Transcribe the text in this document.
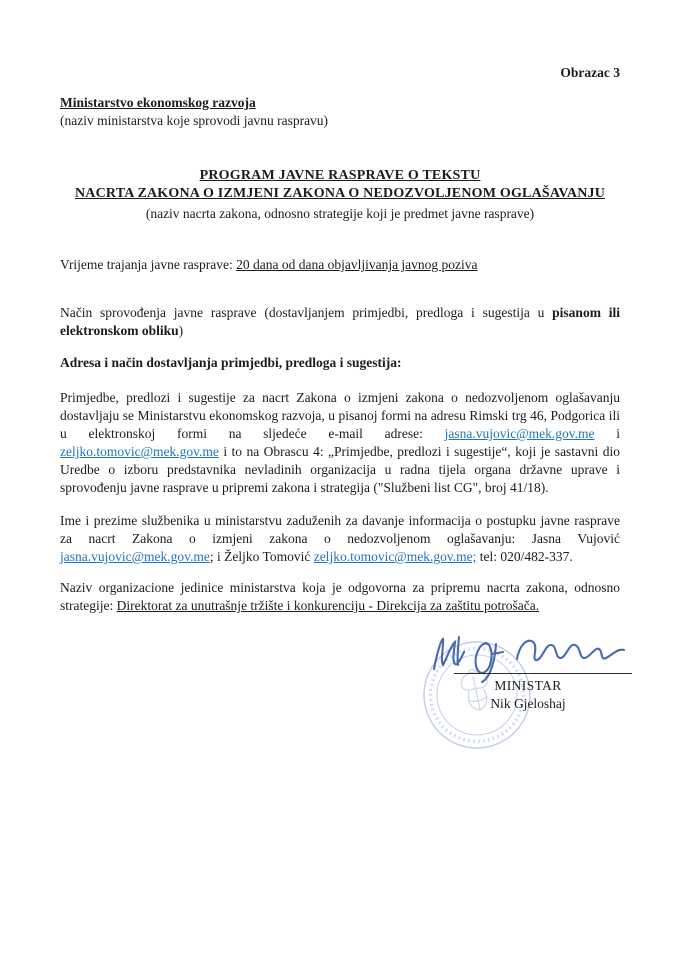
Obrazac 3
Ministarstvo ekonomskog razvoja
(naziv ministarstva koje sprovodi javnu raspravu)
PROGRAM JAVNE RASPRAVE O TEKSTU
NACRTA ZAKONA O IZMJENI ZAKONA O NEDOZVOLJENOM OGLAŠAVANJU
(naziv nacrta zakona, odnosno strategije koji je predmet javne rasprave)

Vrijeme trajanja javne rasprave: 20 dana od dana objavljivanja javnog poziva

Način sprovođenja javne rasprave (dostavljanjem primjedbi, predloga i sugestija u pisanom ili elektronskom obliku)

Adresa i način dostavljanja primjedbi, predloga i sugestija:

Primjedbe, predlozi i sugestije za nacrt Zakona o izmjeni zakona o nedozvoljenom oglašavanju dostavljaju se Ministarstvu ekonomskog razvoja, u pisanoj formi na adresu Rimski trg 46, Podgorica ili u elektronskoj formi na sljedeće e-mail adrese: jasna.vujovic@mek.gov.me i zeljko.tomovic@mek.gov.me i to na Obrascu 4: „Primjedbe, predlozi i sugestije“, koji je sastavni dio Uredbe o izboru predstavnika nevladinih organizacija u radna tijela organa državne uprave i sprovođenju javne rasprave u pripremi zakona i strategija ("Službeni list CG", broj 41/18).

Ime i prezime službenika u ministarstvu zaduženih za davanje informacija o postupku javne rasprave za nacrt Zakona o izmjeni zakona o nedozvoljenom oglašavanju: Jasna Vujović jasna.vujovic@mek.gov.me; i Željko Tomović zeljko.tomovic@mek.gov.me; tel: 020/482-337.

Naziv organizacione jedinice ministarstva koja je odgovorna za pripremu nacrta zakona, odnosno strategije: Direktorat za unutrašnje tržište i konkurenciju - Direkcija za zaštitu potrošača.

MINISTAR
Nik Gjeloshaj
